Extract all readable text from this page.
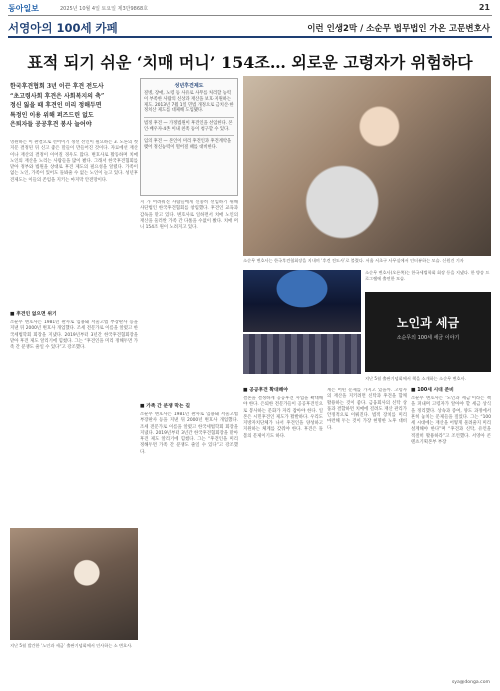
동아일보	2025년 10월 4일 토요일 제3만9868호	21
서영아의 100세 카페	이런 인생2막 / 소순무 법무법인 가온 고문변호사
표적 되기 쉬운 ‘치매 머니’ 154조… 외로운 고령자가 위험하다

한국후견협회 3년 이끈 후견 전도사

“초고령사회 후견은 사회복지의 축”

정신 잃을 때 후견인 미리 정해두면

특정인 이용 위해 퍼즈드린 없도

은퇴자들 공공후견 봉사 늘어야

성년후견제도
질병, 장애, 노령 등 사유로 사무를 처리할 능력이 부족한 사람의 신상과 재산을 보호·지원하는 제도. 2013년 7월 1일 민법 개정으로 금치산·한정치산 제도를 대체해 도입됐다.
법정 후견 — 가정법원이 후견인을 선임한다. 본인·배우자·4촌 이내 친족 등이 청구할 수 있다.
임의 후견 — 본인이 미리 후견인과 후견계약을 맺어 정신능력이 떨어질 때를 대비한다.
소순무 변호사는 한국후견협회장을 지내며 ‘후견 전도사’로 불렸다. 서울 서초구 사무실에서 인터뷰하는 모습. 신원건 기자

영원하는 이 판결으로 선어이기 정선 선인이 필요하는 3. 노른의 첫 지문 결정된 뒤 신고 좋은 말들이 만들어진 것이다. 자료에선 재산이나 재산의 결정이 이어질 경우도 많다. 변호사로 활동하며 치매 노인의 재산을 노리는 사람들을 많이 봤다. 그래서 한국후견협회를 맡아 정부와 법원을 상대로 후견 제도의 필요성을 알렸다. 가족이 없는 노인, 가족이 있어도 돌봐줄 수 없는 노인이 늘고 있다. 성년후견제도는 이들의 존엄을 지키는 마지막 안전망이다.

■ 후견인 없으면 위기

소순무 변호사는 1981년 판사로 임용돼 서울고법 부장판사 등을 지낸 뒤 2000년 변호사 개업했다. 조세 전문가로 이름을 알렸고 한국세법학회 회장을 지냈다. 2019년부터 3년간 한국후견협회장을 맡아 후견 제도 알리기에 힘썼다. 그는 “후견인을 미리 정해두면 가족 간 분쟁도 줄일 수 있다”고 강조했다.

지 가 어려워진 사람들에게 신중히 선임하기 위해 사단법인 한국후견협회를 창립했다. 후견인 교육과 감독을 맡고 있다. 변호사로 일하면서 치매 노인의 재산을 둘러싼 가족 간 다툼을 수없이 봤다. 치매 머니 154조 원이 노려지고 있다.

■ 가족 간 분쟁 막는 길

소순무 변호사는 1981년 판사로 임용돼 서울고법 부장판사 등을 지낸 뒤 2000년 변호사 개업했다. 조세 전문가로 이름을 알렸고 한국세법학회 회장을 지냈다. 2019년부터 3년간 한국후견협회장을 맡아 후견 제도 알리기에 힘썼다. 그는 “후견인을 미리 정해두면 가족 간 분쟁도 줄일 수 있다”고 강조했다.

소순무 변호사(오른쪽)는 한국세법학회 회장 등을 지냈다. 한 방송 프로그램에 출연한 모습.
노인과 세금
소순무의 100세 세금 이야기
지난 5월 출판기념회에서 책을 소개하는 소순무 변호사.
■ 공공후견 확대해야

결혼을 결정하게 공공후견 사업을 확대해야 한다. 은퇴한 전문가들이 공공후견인으로 봉사하는 문화가 자리 잡아야 한다. 일본은 시민후견인 제도가 활발하다. 우리도 지방자치단체가 나서 후견인을 양성하고 지원하는 체계를 갖춰야 한다. 후견은 돌봄의 문제이기도 하다.

계는 어떤 문제를 가지고 있을까. 고령자의 재산을 지키려면 신탁과 후견을 함께 활용하는 것이 좋다. 금융회사의 신탁 상품과 결합하면 치매에 걸려도 재산 관리가 안정적으로 이뤄진다. 법적 장치를 미리 마련해 두는 것이 가장 현명한 노후 대비다.

■ 100세 시대 준비

소순무 변호사는 ‘노인과 세금’이라는 책을 펴내며 고령자가 알아야 할 세금 상식을 정리했다. 상속과 증여, 양도 과정에서 흔히 놓치는 문제들을 짚었다. 그는 “100세 시대에는 재산을 어떻게 물려줄지 미리 설계해야 한다”며 “후견과 신탁, 유언을 적절히 활용하라”고 조언했다. 서영아 콘텐츠기획본부 부장

지난 5월 발간한 ‘노인과 세금’ 출판기념회에서 인사하는 소 변호사.
sya@donga.com
